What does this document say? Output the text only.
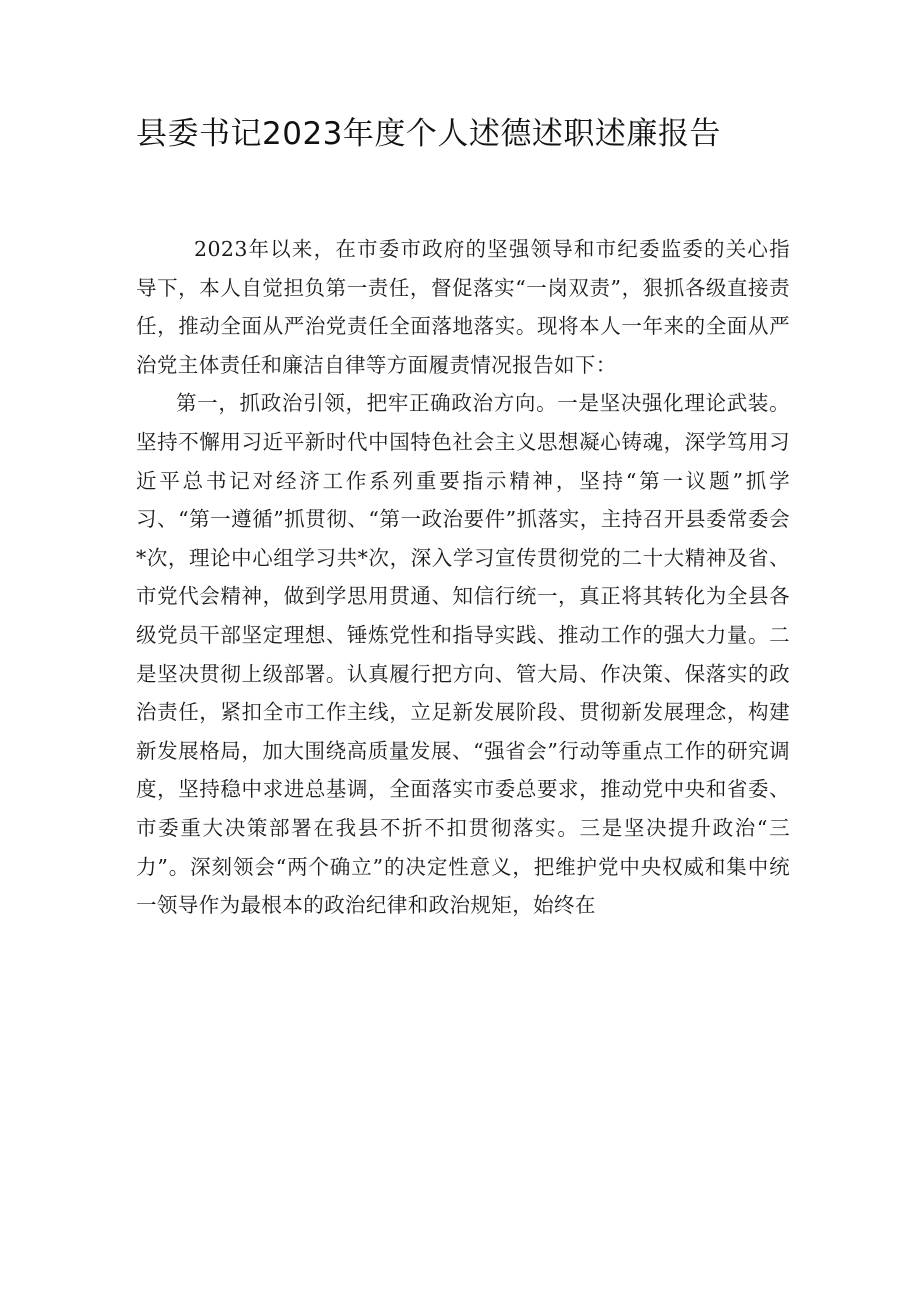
县委书记2023年度个人述德述职述廉报告

2023年以来，在市委市政府的坚强领导和市纪委监委的关心指导下，本人自觉担负第一责任，督促落实“一岗双责”，狠抓各级直接责任，推动全面从严治党责任全面落地落实。现将本人一年来的全面从严治党主体责任和廉洁自律等方面履责情况报告如下：

第一，抓政治引领，把牢正确政治方向。一是坚决强化理论武装。坚持不懈用习近平新时代中国特色社会主义思想凝心铸魂，深学笃用习近平总书记对经济工作系列重要指示精神，坚持“第一议题”抓学习、“第一遵循”抓贯彻、“第一政治要件”抓落实，主持召开县委常委会*次，理论中心组学习共*次，深入学习宣传贯彻党的二十大精神及省、市党代会精神，做到学思用贯通、知信行统一，真正将其转化为全县各级党员干部坚定理想、锤炼党性和指导实践、推动工作的强大力量。二是坚决贯彻上级部署。认真履行把方向、管大局、作决策、保落实的政治责任，紧扣全市工作主线，立足新发展阶段、贯彻新发展理念，构建新发展格局，加大围绕高质量发展、“强省会”行动等重点工作的研究调度，坚持稳中求进总基调，全面落实市委总要求，推动党中央和省委、市委重大决策部署在我县不折不扣贯彻落实。三是坚决提升政治“三力”。深刻领会“两个确立”的决定性意义，把维护党中央权威和集中统一领导作为最根本的政治纪律和政治规矩，始终在
